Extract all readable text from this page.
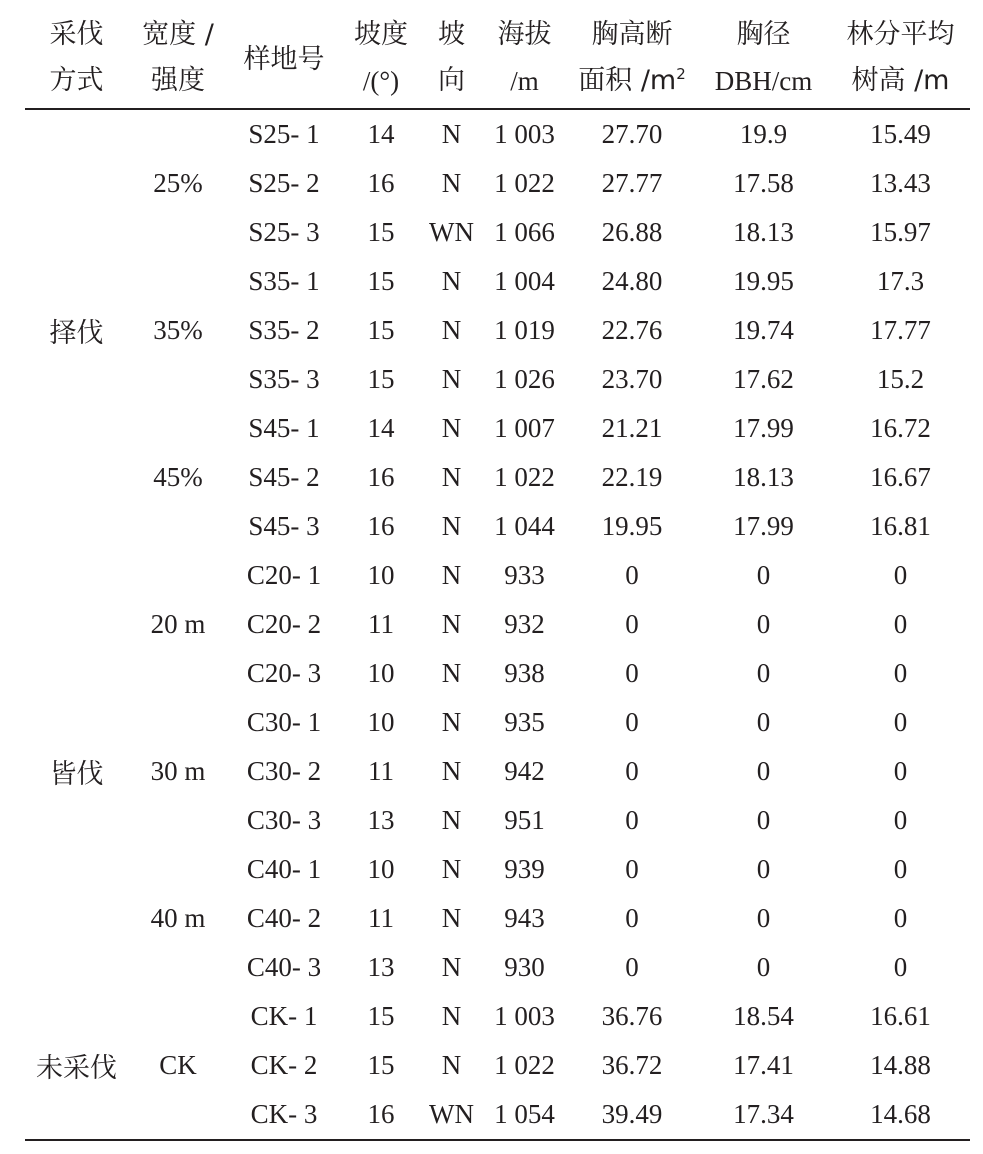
采伐	宽度 /	样地号	坡度	坡	海拔	胸高断	胸径	林分平均
方式	强度		/(°)	向	/m	面积 $/m^2$	DBH/cm	树高 /m
择伐	25%	S25- 1	14	N	1 003	27.70	19.9	15.49
		S25- 2	16	N	1 022	27.77	17.58	13.43
		S25- 3	15	WN	1 066	26.88	18.13	15.97
	35%	S35- 1	15	N	1 004	24.80	19.95	17.3
		S35- 2	15	N	1 019	22.76	19.74	17.77
		S35- 3	15	N	1 026	23.70	17.62	15.2
	45%	S45- 1	14	N	1 007	21.21	17.99	16.72
		S45- 2	16	N	1 022	22.19	18.13	16.67
		S45- 3	16	N	1 044	19.95	17.99	16.81
皆伐	20 m	C20- 1	10	N	933	0	0	0
		C20- 2	11	N	932	0	0	0
		C20- 3	10	N	938	0	0	0
	30 m	C30- 1	10	N	935	0	0	0
		C30- 2	11	N	942	0	0	0
		C30- 3	13	N	951	0	0	0
	40 m	C40- 1	10	N	939	0	0	0
		C40- 2	11	N	943	0	0	0
		C40- 3	13	N	930	0	0	0
未采伐	CK	CK- 1	15	N	1 003	36.76	18.54	16.61
		CK- 2	15	N	1 022	36.72	17.41	14.88
		CK- 3	16	WN	1 054	39.49	17.34	14.68
